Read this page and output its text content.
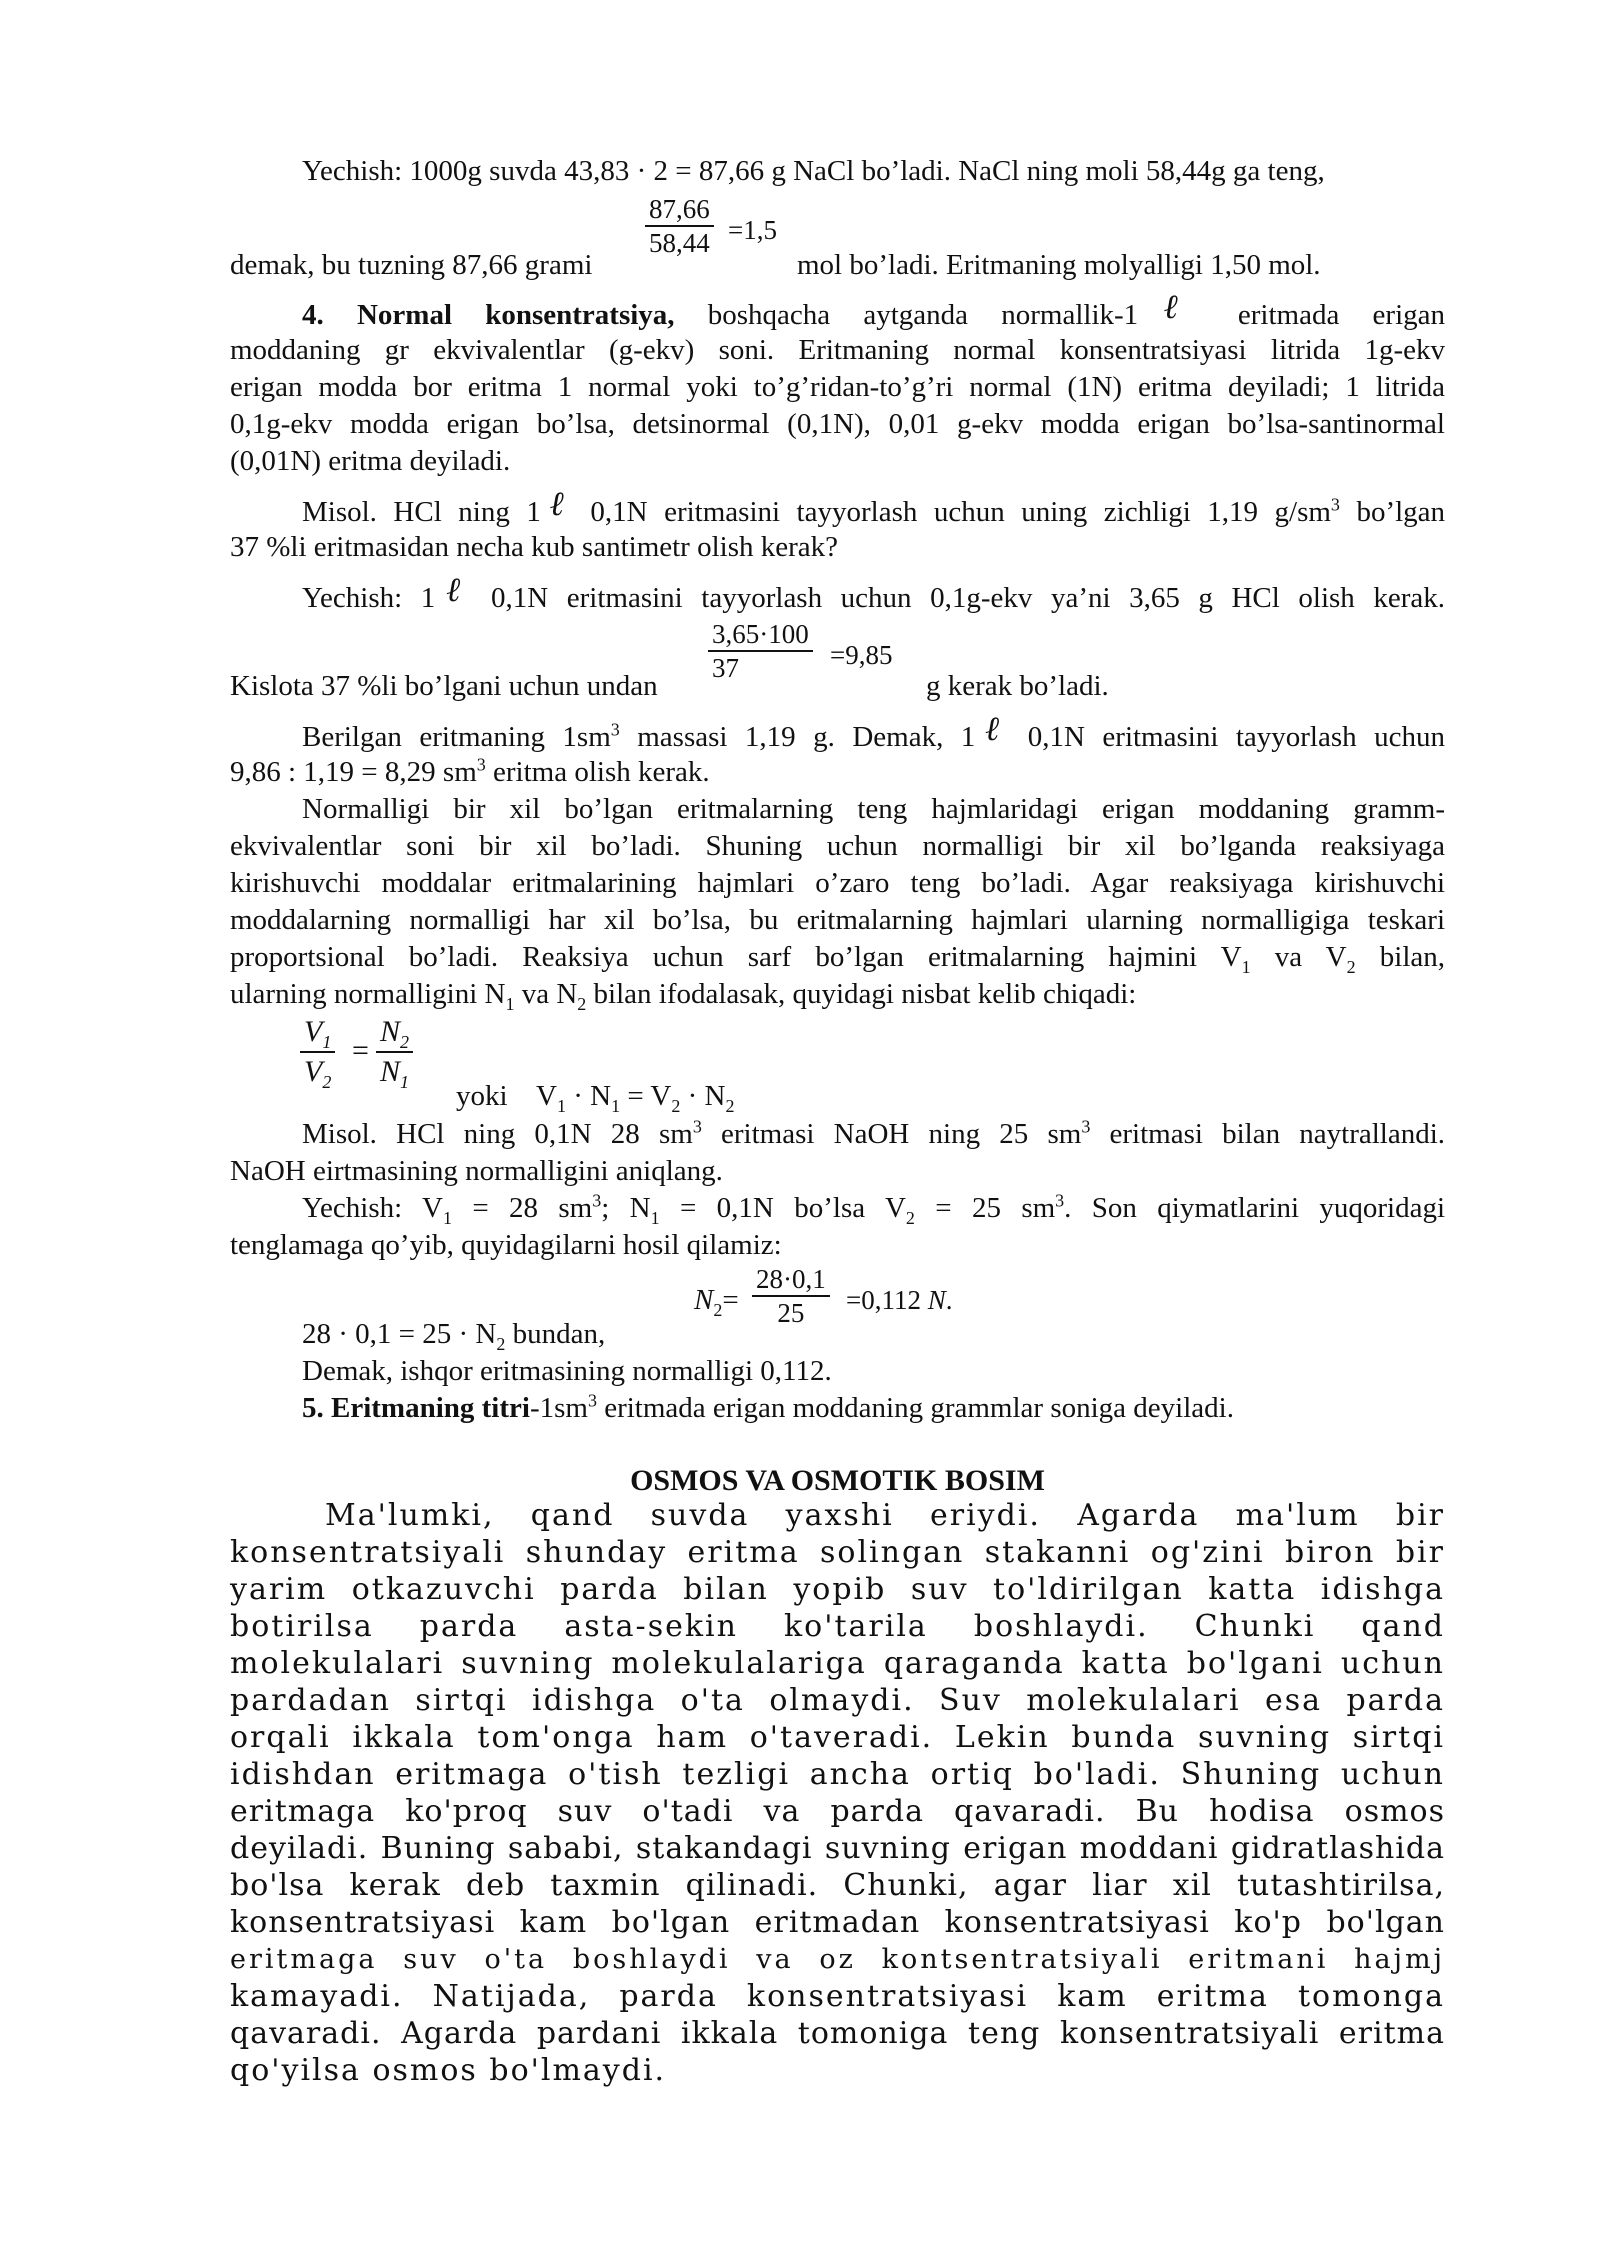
Yechish: 1000g suvda 43,83 · 2 = 87,66 g NaCl bo’ladi. NaCl ning moli 58,44g ga teng,
87,66
58,44 =1,5
demak, bu tuzning 87,66 grami	mol bo’ladi. Eritmaning molyalligi 1,50 mol.
4. Normal konsentratsiya, boshqacha aytganda normallik-1ℓ eritmada erigan
moddaning gr ekvivalentlar (g-ekv) soni. Eritmaning normal konsentratsiyasi litrida 1g-ekv
erigan modda bor eritma 1 normal yoki to’g’ridan-to’g’ri normal (1N) eritma deyiladi; 1 litrida
0,1g-ekv modda erigan bo’lsa, detsinormal (0,1N), 0,01 g-ekv modda erigan bo’lsa-santinormal
(0,01N) eritma deyiladi.
Misol. HCl ning 1ℓ 0,1N eritmasini tayyorlash uchun uning zichligi 1,19 $g/sm^3$ bo’lgan
37 %li eritmasidan necha kub santimetr olish kerak?
Yechish: 1ℓ 0,1N eritmasini tayyorlash uchun 0,1g-ekv ya’ni 3,65 g HCl olish kerak.
3,65·100
37	=9,85
Kislota 37 %li bo’lgani uchun undan	g kerak bo’ladi.
Berilgan eritmaning $1sm^3$ massasi 1,19 g. Demak, 1ℓ 0,1N eritmasini tayyorlash uchun
9,86 : 1,19 = 8,29 $sm^3$ eritma olish kerak.
Normalligi bir xil bo’lgan eritmalarning teng hajmlaridagi erigan moddaning gramm-
ekvivalentlar soni bir xil bo’ladi. Shuning uchun normalligi bir xil bo’lganda reaksiyaga
kirishuvchi moddalar eritmalarining hajmlari o’zaro teng bo’ladi. Agar reaksiyaga kirishuvchi
moddalarning normalligi har xil bo’lsa, bu eritmalarning hajmlari ularning normalligiga teskari
proportsional bo’ladi. Reaksiya uchun sarf bo’lgan eritmalarning hajmini $V_1$ va $V_2$ bilan,
ularning normalligini $N_1$ va $N_2$ bilan ifodalasak, quyidagi nisbat kelib chiqadi:
$V_1$
$V_2$
=
$N_2$
$N_1$ yoki $V_1 \cdot N_1 = V_2 \cdot N_2$
Misol. HCl ning 0,1N 28 $sm^3$ eritmasi NaOH ning 25 $sm^3$ eritmasi bilan naytrallandi.
NaOH eirtmasining normalligini aniqlang.
Yechish: $V_1 = 28$ $sm^3$; $N_1 = 0,1N$ bo’lsa $V_2 = 25$ $sm^3$. Son qiymatlarini yuqoridagi
tenglamaga qo’yib, quyidagilarni hosil qilamiz:
$N_2=$
28·0,1
25 =0,112 N.
$28 \cdot 0,1 = 25 \cdot N_2$ bundan,
Demak, ishqor eritmasining normalligi 0,112.
5. Eritmaning titri-$1sm^3$ eritmada erigan moddaning grammlar soniga deyiladi.
OSMOS VA OSMOTIK BOSIM
Ma'lumki, qand suvda yaxshi eriydi. Agarda ma'lum bir
konsentratsiyali shunday eritma solingan stakanni og'zini biron bir
yarim otkazuvchi parda bilan yopib suv to'ldirilgan katta idishga
botirilsa parda asta-sekin ko'tarila boshlaydi. Chunki qand
molekulalari suvning molekulalariga qaraganda katta bo'lgani uchun
pardadan sirtqi idishga o'ta olmaydi. Suv molekulalari esa parda
orqali ikkala tom'onga ham o'taveradi. Lekin bunda suvning sirtqi
idishdan eritmaga o'tish tezligi ancha ortiq bo'ladi. Shuning uchun
eritmaga ko'proq suv o'tadi va parda qavaradi. Bu hodisa osmos
deyiladi. Buning sababi, stakandagi suvning erigan moddani gidratlashida
bo'lsa kerak deb taxmin qilinadi. Chunki, agar liar xil tutashtirilsa,
konsentratsiyasi kam bo'lgan eritmadan konsentratsiyasi ko'p bo'lgan
eritmaga suv o'ta boshlaydi va oz kontsentratsiyali eritmani hajmj
kamayadi. Natijada, parda konsentratsiyasi kam eritma tomonga
qavaradi. Agarda pardani ikkala tomoniga teng konsentratsiyali eritma
qo'yilsa osmos bo'lmaydi.
